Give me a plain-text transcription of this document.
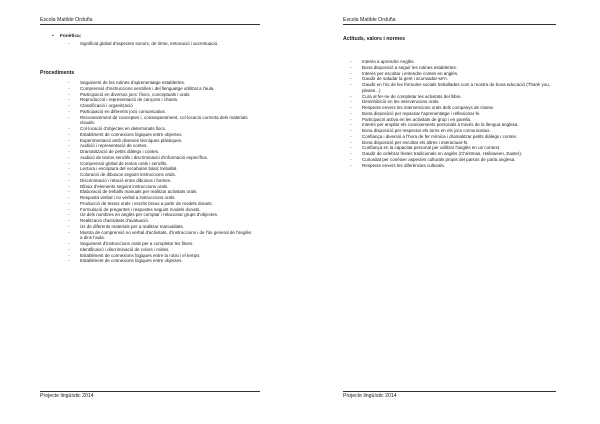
Escola Matilde Orduña
• Fonètica:
- Significat global d'aspectes sonors, de ritme, entonació i accentuació.
Procediments
- Seguiment de les rutines d'aprenentatge establertes.
- Comprensió d'instruccions senzilles i del llenguatge utilitzat a l'aula.
- Participació en diversos jocs: físics, conceptuals i orals.
- Reproducció i representació de cançons i chants.
- Classificació i organització
- Participació en diferents jocs comunicatius.
- Reconeixement de conceptes i, conseqüentment, col·locació correcta dels materials visuals.
- Col·locació d'objectes en determinats llocs.
- Establiment de connexions lògiques entre objectes.
- Experimentació amb diverses tècniques plàstiques.
- Audició i representació de contes.
- Dramatització de petits diàlegs i contes.
- Audició de textos senzills i discriminació d'informació específica.
- Comprensió global de textos orals i senzills.
- Lectura i escriptura del vocabulari bàsic treballat.
- Coloració de dibuixos seguint instruccions orals.
- Discriminació i relació entre dibuixos i formes.
- Dibuix d'elements seguint instruccions orals.
- Elaboració de treballs manuals per realitzar activitats orals.
- Resposta verbal i no verbal a instruccions orals.
- Producció de textos orals i escrits breus a partir de models donats.
- Formulació de preguntes i respostes seguint models donats.
- Ús dels nombres en anglès per comptar i relacionar grups d'objectes.
- Realització d'activitats d'avaluació.
- Ús de diferents materials per a realitzar manualitats.
- Mostra de comprensió no verbal d'activitats, d'instruccions i de l'ús general de l'anglès a dins l'aula.
- Seguiment d'instruccions orals per a completar les fitxes.
- Identificació i discriminació de colors i mides.
- Establiment de connexions lògiques entre la rotisi i el temps.
- Establiment de connexions lògiques entre objectes.
Projecte lingüístic 2014
Escola Matilde Orduña
Actituds, valors i normes
- Interès a aprendre Anglès.
- Bona disposició a seguir les rutines establertes.
- Interès per escoltar i entendre contes en anglès.
- Gaudir de saludar la gent i acomiadar-se'n.
- Gaudir en l'ús de les fórmules socials treballades com a mostra de bona educació (Thank you, please...)
- Cura al fer-ne de completar les activitats del llibre.
- Desinhibició en les intervencions orals.
- Respecte envers les intervencions orals dels companys de classe.
- Bona disposició per repassar l'aprenentatge i reflexionar-hi.
- Participació activa en les activitats de grup i en parella.
- Interès per ampliar els coneixements personals a través de la llengua anglesa.
- Bona disposició per respectar els torns en els jocs comunicatius.
- Confiança i diversió a l'hora de fer mímica i dramatitzar petits diàlegs i contes.
- Bona disposició per escoltar els altres i interactuar-hi.
- Confiança en la capacitat personal per utilitzar l'anglès en un context.
- Gaudir de celebrar festes tradicionals en anglès (Christmas, Halloween, Easter).
- Curiositat per conèixer aspectes culturals propis del països de parla anglesa.
- Respecte envers les diferències culturals.
Projecte lingüístic 2014
